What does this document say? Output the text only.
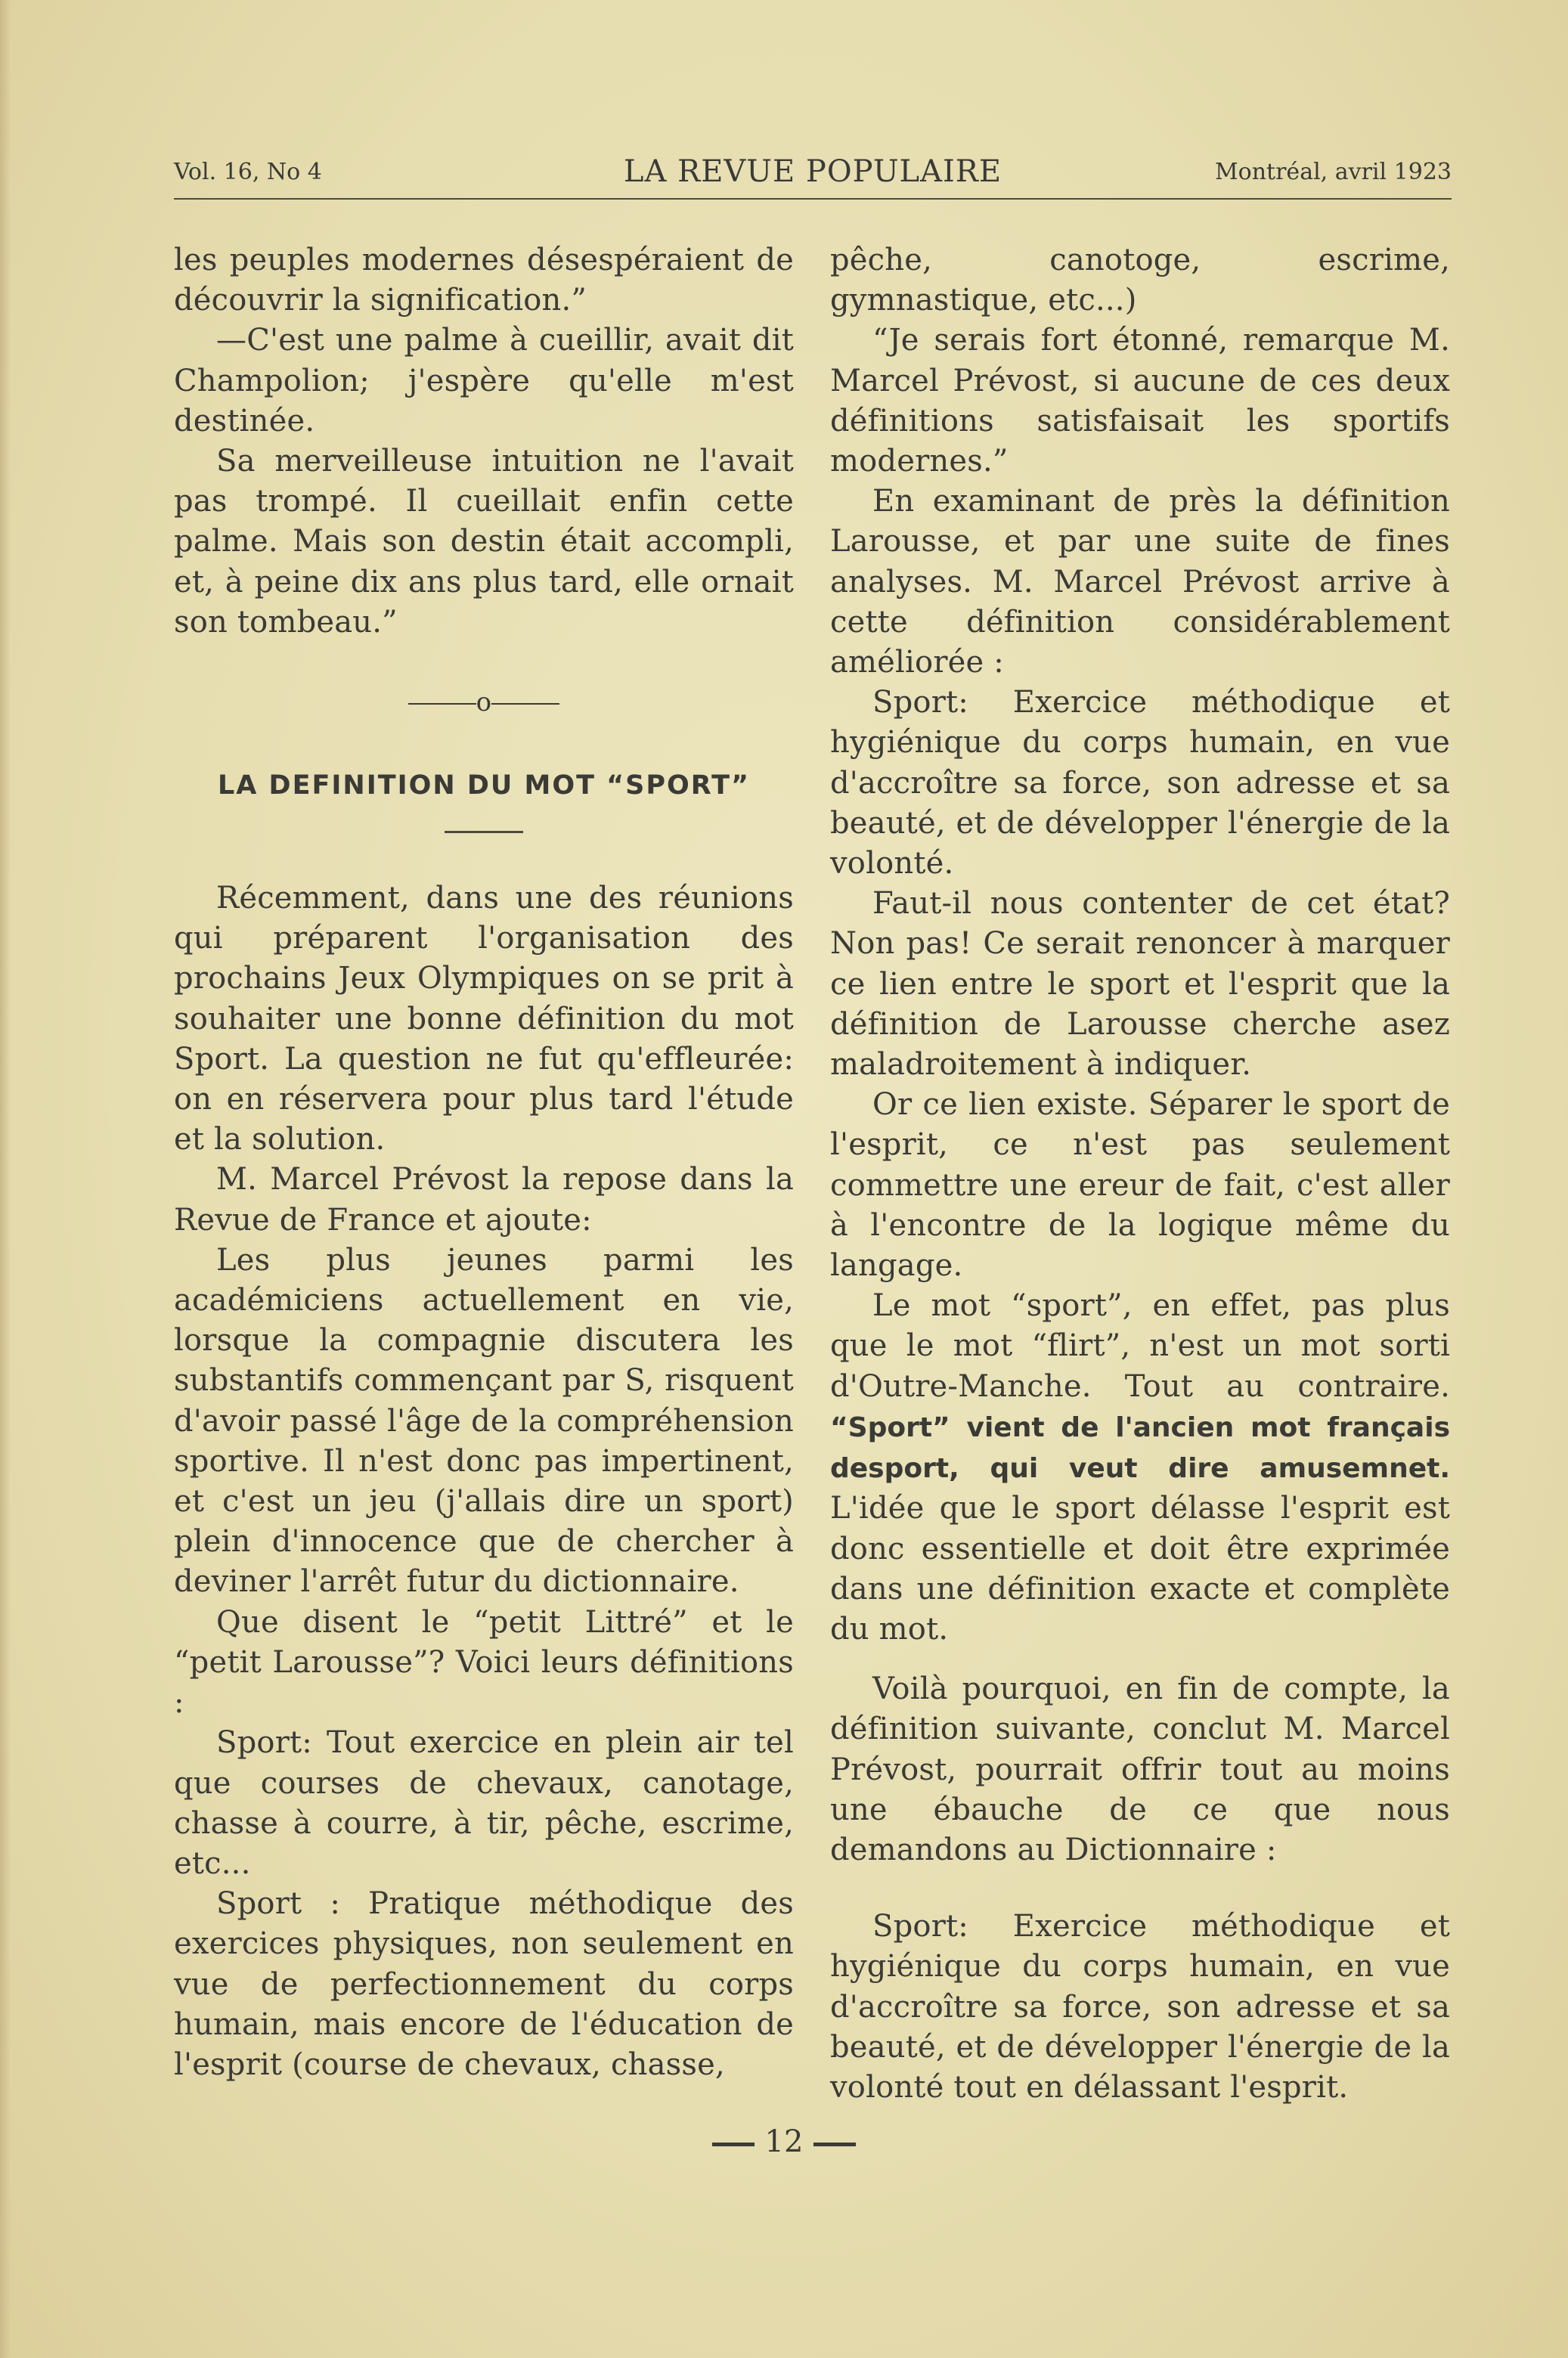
Vol. 16, No 4	LA REVUE POPULAIRE	Montréal, avril 1923

les peuples modernes désespéraient de découvrir la signification.”

—C'est une palme à cueillir, avait dit Champolion; j'espère qu'elle m'est destinée.

Sa merveilleuse intuition ne l'avait pas trompé. Il cueillait enfin cette palme. Mais son destin était accompli, et, à peine dix ans plus tard, elle ornait son tombeau.”

o
LA DEFINITION DU MOT “SPORT”

Récemment, dans une des réunions qui préparent l'organisation des prochains Jeux Olympiques on se prit à souhaiter une bonne définition du mot Sport. La question ne fut qu'effleurée: on en réservera pour plus tard l'étude et la solution.

M. Marcel Prévost la repose dans la Revue de France et ajoute:

Les plus jeunes parmi les académiciens actuellement en vie, lorsque la compagnie discutera les substantifs commençant par S, risquent d'avoir passé l'âge de la compréhension sportive. Il n'est donc pas impertinent, et c'est un jeu (j'allais dire un sport) plein d'innocence que de chercher à deviner l'arrêt futur du dictionnaire.

Que disent le “petit Littré” et le “petit Larousse”? Voici leurs définitions :

Sport: Tout exercice en plein air tel que courses de chevaux, canotage, chasse à courre, à tir, pêche, escrime, etc...

Sport : Pratique méthodique des exercices physiques, non seulement en vue de perfectionnement du corps humain, mais encore de l'éducation de l'esprit (course de chevaux, chasse,

pêche, canotoge, escrime, gymnastique, etc...)

“Je serais fort étonné, remarque M. Marcel Prévost, si aucune de ces deux définitions satisfaisait les sportifs modernes.”

En examinant de près la définition Larousse, et par une suite de fines analyses. M. Marcel Prévost arrive à cette définition considérablement améliorée :

Sport: Exercice méthodique et hygiénique du corps humain, en vue d'accroître sa force, son adresse et sa beauté, et de développer l'énergie de la volonté.

Faut-il nous contenter de cet état? Non pas! Ce serait renoncer à marquer ce lien entre le sport et l'esprit que la définition de Larousse cherche asez maladroitement à indiquer.

Or ce lien existe. Séparer le sport de l'esprit, ce n'est pas seulement commettre une ereur de fait, c'est aller à l'encontre de la logique même du langage.

Le mot “sport”, en effet, pas plus que le mot “flirt”, n'est un mot sorti d'Outre-Manche. Tout au contraire. “Sport” vient de l'ancien mot français desport, qui veut dire amusemnet. L'idée que le sport délasse l'esprit est donc essentielle et doit être exprimée dans une définition exacte et complète du mot.

Voilà pourquoi, en fin de compte, la définition suivante, conclut M. Marcel Prévost, pourrait offrir tout au moins une ébauche de ce que nous demandons au Dictionnaire :

Sport: Exercice méthodique et hygiénique du corps humain, en vue d'accroître sa force, son adresse et sa beauté, et de développer l'énergie de la volonté tout en délassant l'esprit.

12
